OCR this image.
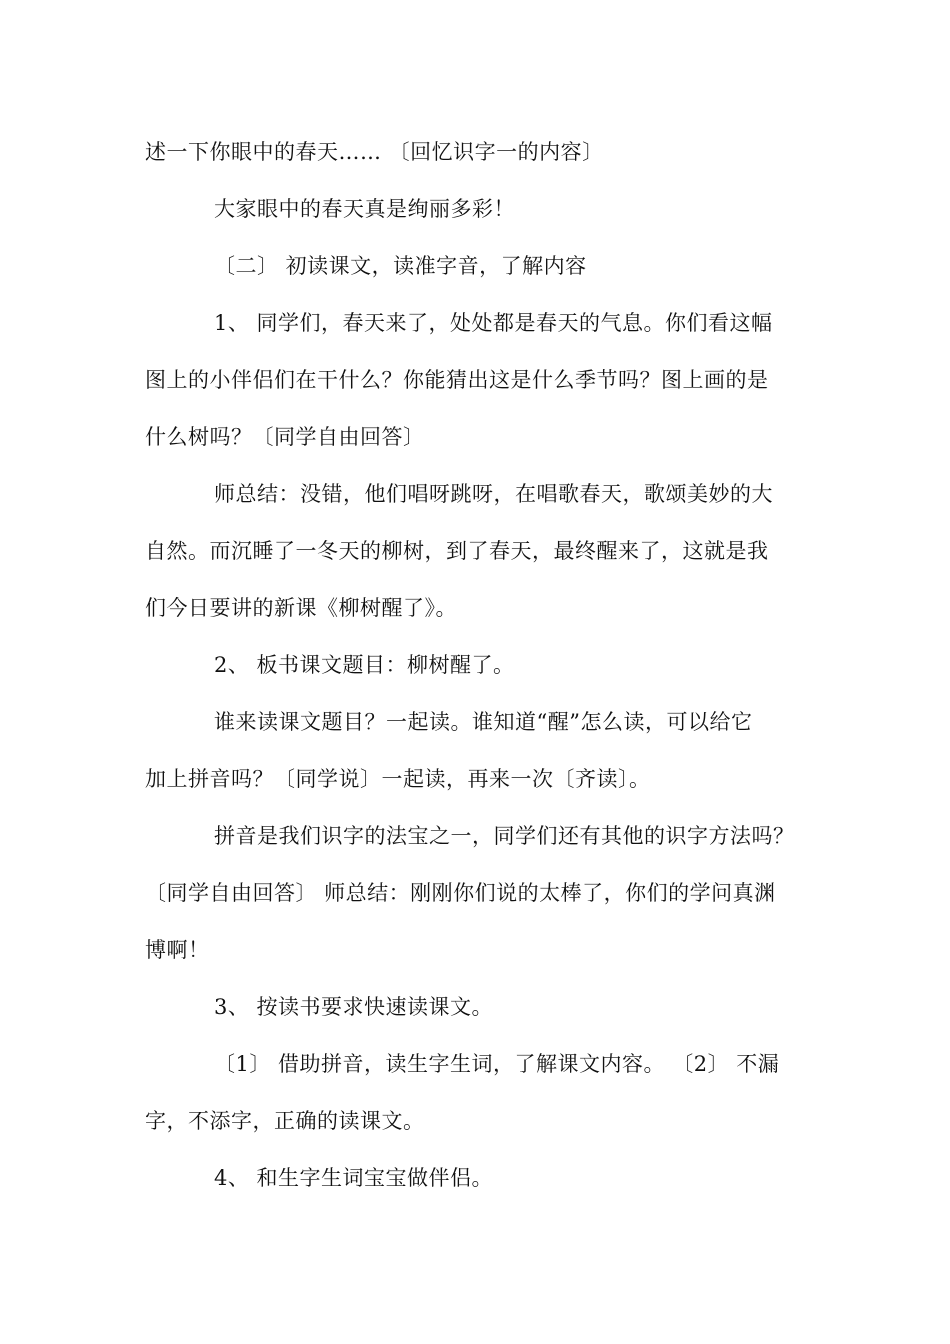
述一下你眼中的春天…… 〔回忆识字一的内容〕
大家眼中的春天真是绚丽多彩！
〔二〕 初读课文，读准字音，了解内容
1、 同学们，春天来了，处处都是春天的气息。你们看这幅
图上的小伴侣们在干什么？你能猜出这是什么季节吗？图上画的是
什么树吗？〔同学自由回答〕
师总结：没错，他们唱呀跳呀，在唱歌春天，歌颂美妙的大
自然。而沉睡了一冬天的柳树，到了春天，最终醒来了，这就是我
们今日要讲的新课《柳树醒了》。
2、 板书课文题目：柳树醒了。
谁来读课文题目？一起读。谁知道“醒”怎么读，可以给它
加上拼音吗？〔同学说〕一起读，再来一次〔齐读〕。
拼音是我们识字的法宝之一，同学们还有其他的识字方法吗？
〔同学自由回答〕 师总结：刚刚你们说的太棒了，你们的学问真渊
博啊！
3、 按读书要求快速读课文。
〔1〕 借助拼音，读生字生词，了解课文内容。 〔2〕 不漏
字，不添字，正确的读课文。
4、 和生字生词宝宝做伴侣。
